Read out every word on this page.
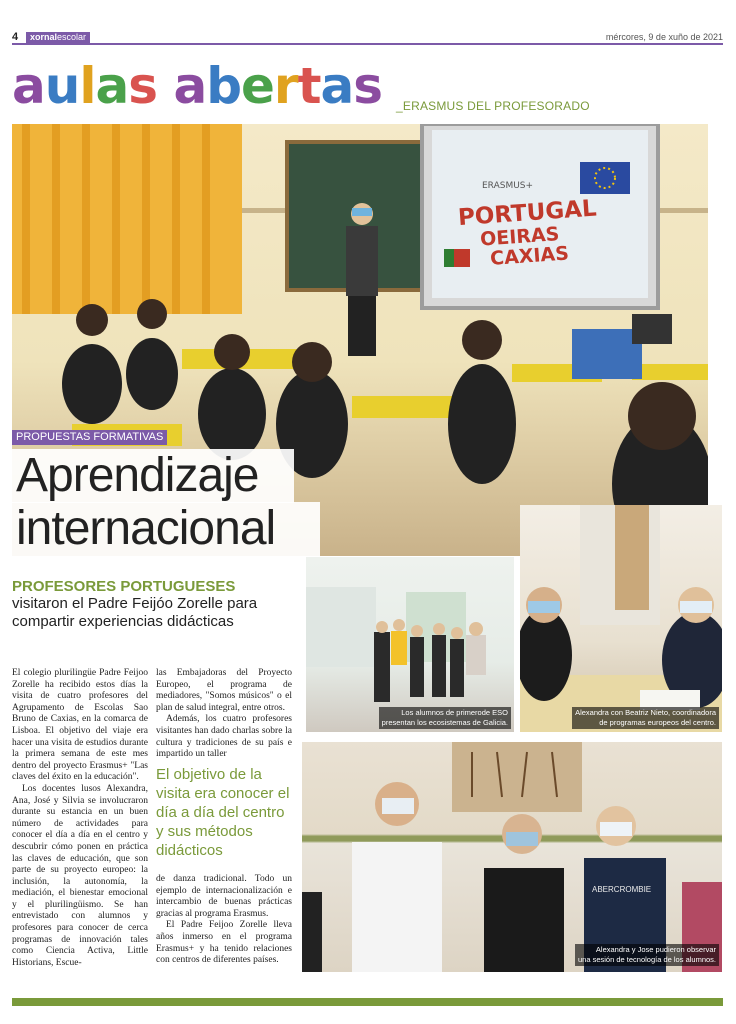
4	xornalescolar	mércores, 9 de xuño de 2021
aulas abertas _ERASMUS DEL PROFESORADO
ERASMUS+
PORTUGAL
OEIRAS
CAXIAS
PROPUESTAS FORMATIVAS
Aprendizaje
internacional
PROFESORES PORTUGUESES
visitaron el Padre Feijóo Zorelle para compartir experiencias didácticas

El colegio plurilingüe Padre Feijoo Zorelle ha recibido estos días la visita de cuatro profesores del Agrupamento de Escolas Sao Bruno de Caxias, en la comarca de Lisboa. El objetivo del viaje era hacer una visita de estudios durante la primera semana de este mes dentro del proyecto Erasmus+ "Las claves del éxito en la educación".

Los docentes lusos Alexandra, Ana, José y Silvia se involucraron durante su estancia en un buen número de actividades para conocer el día a día en el centro y descubrir cómo ponen en práctica las claves de educación, que son parte de su proyecto europeo: la inclusión, la autonomía, la mediación, el bienestar emocional y el plurilingüismo. Se han entrevistado con alumnos y profesores para conocer de cerca programas de innovación tales como Ciencia Activa, Little Historians, Escue-

las Embajadoras del Proyecto Europeo, el programa de mediadores, "Somos músicos" o el plan de salud integral, entre otros.

Además, los cuatro profesores visitantes han dado charlas sobre la cultura y tradiciones de su país e impartido un taller

El objetivo de la visita era conocer el día a día del centro y sus métodos didácticos

de danza tradicional. Todo un ejemplo de internacionalización e intercambio de buenas prácticas gracias al programa Erasmus.

El Padre Feijoo Zorelle lleva años inmerso en el programa Erasmus+ y ha tenido relaciones con centros de diferentes países.

Los alumnos de primerode ESO
presentan los ecosistemas de Galicia.
Alexandra con Beatriz Nieto, coordinadora
de programas europeos del centro.
ABERCROMBIE
Alexandra y Jose pudieron observar
una sesión de tecnología de los alumnos.
